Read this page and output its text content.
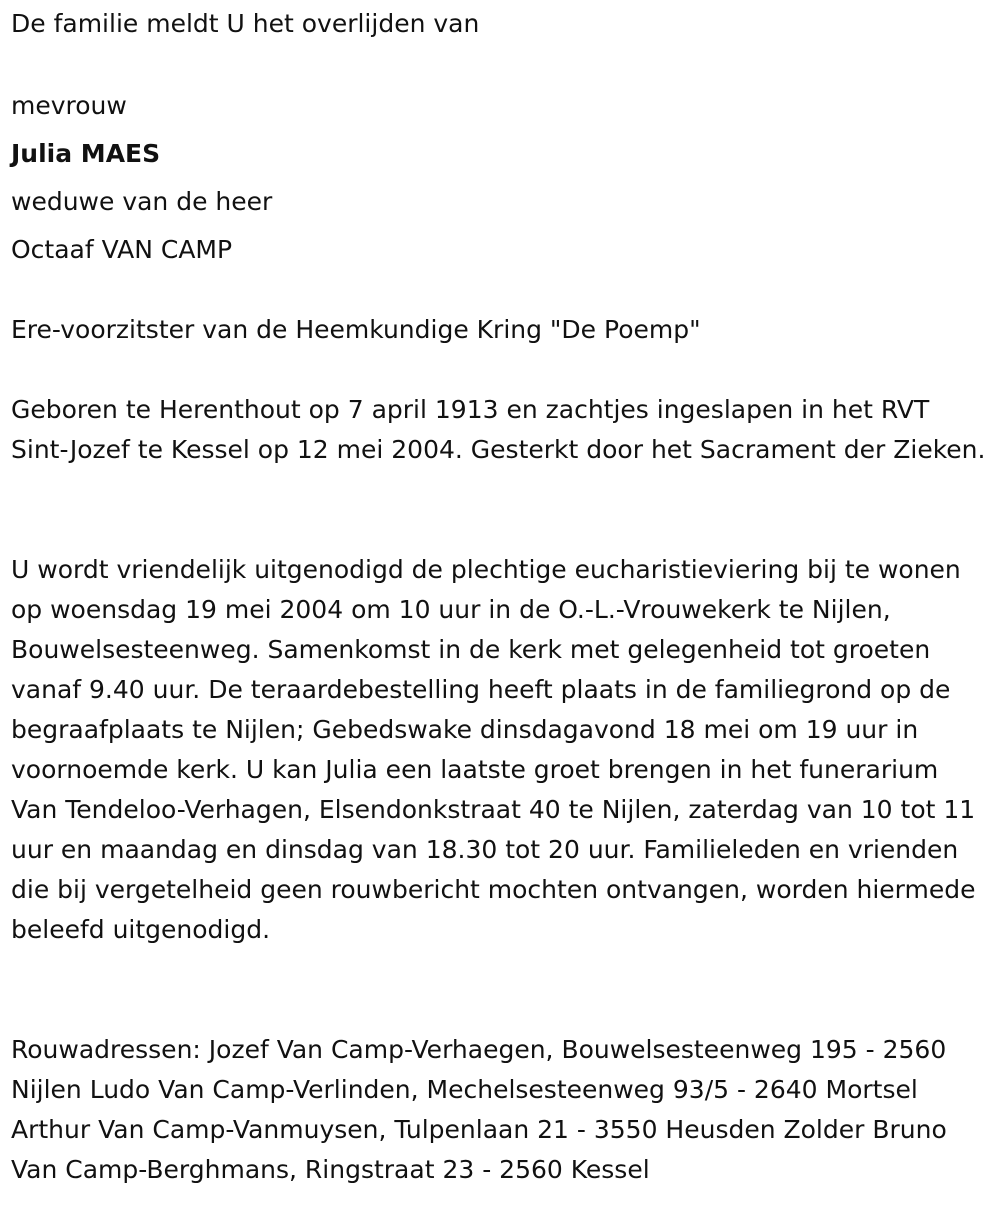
De familie meldt U het overlijden van
mevrouw
Julia MAES
weduwe van de heer
Octaaf VAN CAMP
Ere-voorzitster van de Heemkundige Kring "De Poemp"
Geboren te Herenthout op 7 april 1913 en zachtjes ingeslapen in het RVT Sint-Jozef te Kessel op 12 mei 2004. Gesterkt door het Sacrament der Zieken.
U wordt vriendelijk uitgenodigd de plechtige eucharistieviering bij te wonen op woensdag 19 mei 2004 om 10 uur in de O.-L.-Vrouwekerk te Nijlen, Bouwelsesteenweg. Samenkomst in de kerk met gelegenheid tot groeten vanaf 9.40 uur. De teraardebestelling heeft plaats in de familiegrond op de begraafplaats te Nijlen; Gebedswake dinsdagavond 18 mei om 19 uur in voornoemde kerk. U kan Julia een laatste groet brengen in het funerarium Van Tendeloo-Verhagen, Elsendonkstraat 40 te Nijlen, zaterdag van 10 tot 11 uur en maandag en dinsdag van 18.30 tot 20 uur. Familieleden en vrienden die bij vergetelheid geen rouwbericht mochten ontvangen, worden hiermede beleefd uitgenodigd.
Rouwadressen: Jozef Van Camp-Verhaegen, Bouwelsesteenweg 195 - 2560 Nijlen Ludo Van Camp-Verlinden, Mechelsesteenweg 93/5 - 2640 Mortsel Arthur Van Camp-Vanmuysen, Tulpenlaan 21 - 3550 Heusden Zolder Bruno Van Camp-Berghmans, Ringstraat 23 - 2560 Kessel
